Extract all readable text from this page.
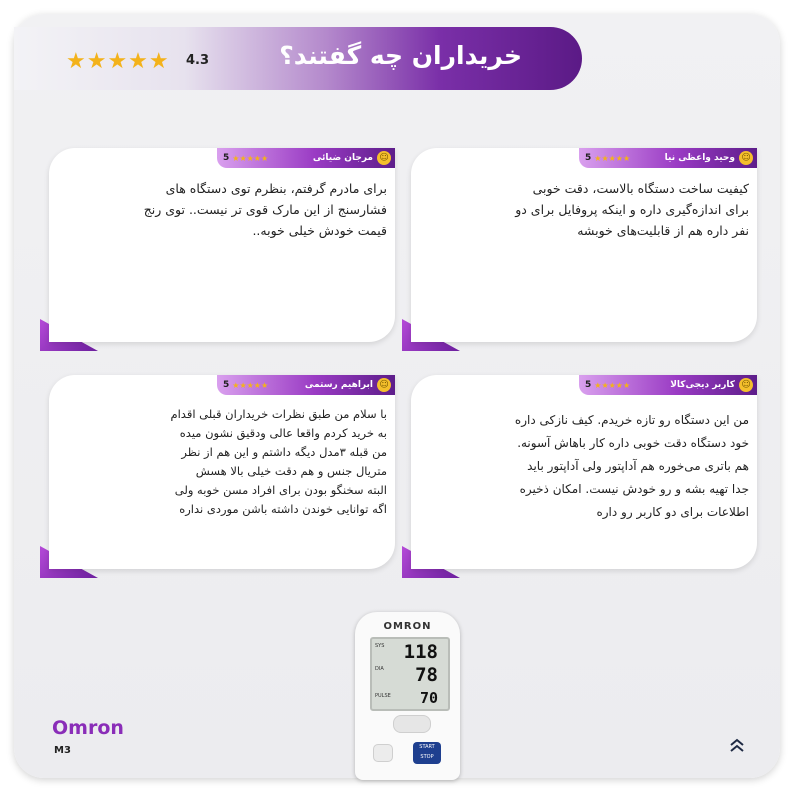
خریداران چه گفتند؟
★★★★★ 4.3
☺
مرجان ضیائی
★★★★★
5
برای مادرم گرفتم، بنظرم توی دستگاه های
فشارسنج از این مارک قوی تر نیست.. توی رنج
قیمت خودش خیلی خوبه..
☺
وحید واعظی نیا
★★★★★
5
کیفیت ساخت دستگاه بالاست، دقت خوبی
برای اندازه‌گیری داره و اینکه پروفایل برای دو
نفر داره هم از قابلیت‌های خوبشه
☺
ابراهیم رستمی
★★★★★
5
با سلام من طبق نظرات خریداران قبلی اقدام
به خرید کردم واقعا عالی ودقیق نشون میده
من قبله ۳مدل دیگه داشتم و این هم از نظر
متریال جنس و هم دقت خیلی بالا هسش
البته سخنگو بودن برای افراد مسن خوبه ولی
اگه توانایی خوندن داشته باشن موردی نداره
☺
کاربر دیجی‌کالا
★★★★★
5
من این دستگاه رو تازه خریدم. کیف نازکی داره
خود دستگاه دقت خوبی داره کار باهاش آسونه.
هم باتری می‌خوره هم آداپتور ولی آداپتور باید
جدا تهیه بشه و رو خودش نیست. امکان ذخیره
اطلاعات برای دو کاربر رو داره
OMRON
SYS 118
DIA 78
PULSE 70
START
STOP
Omron
M3
